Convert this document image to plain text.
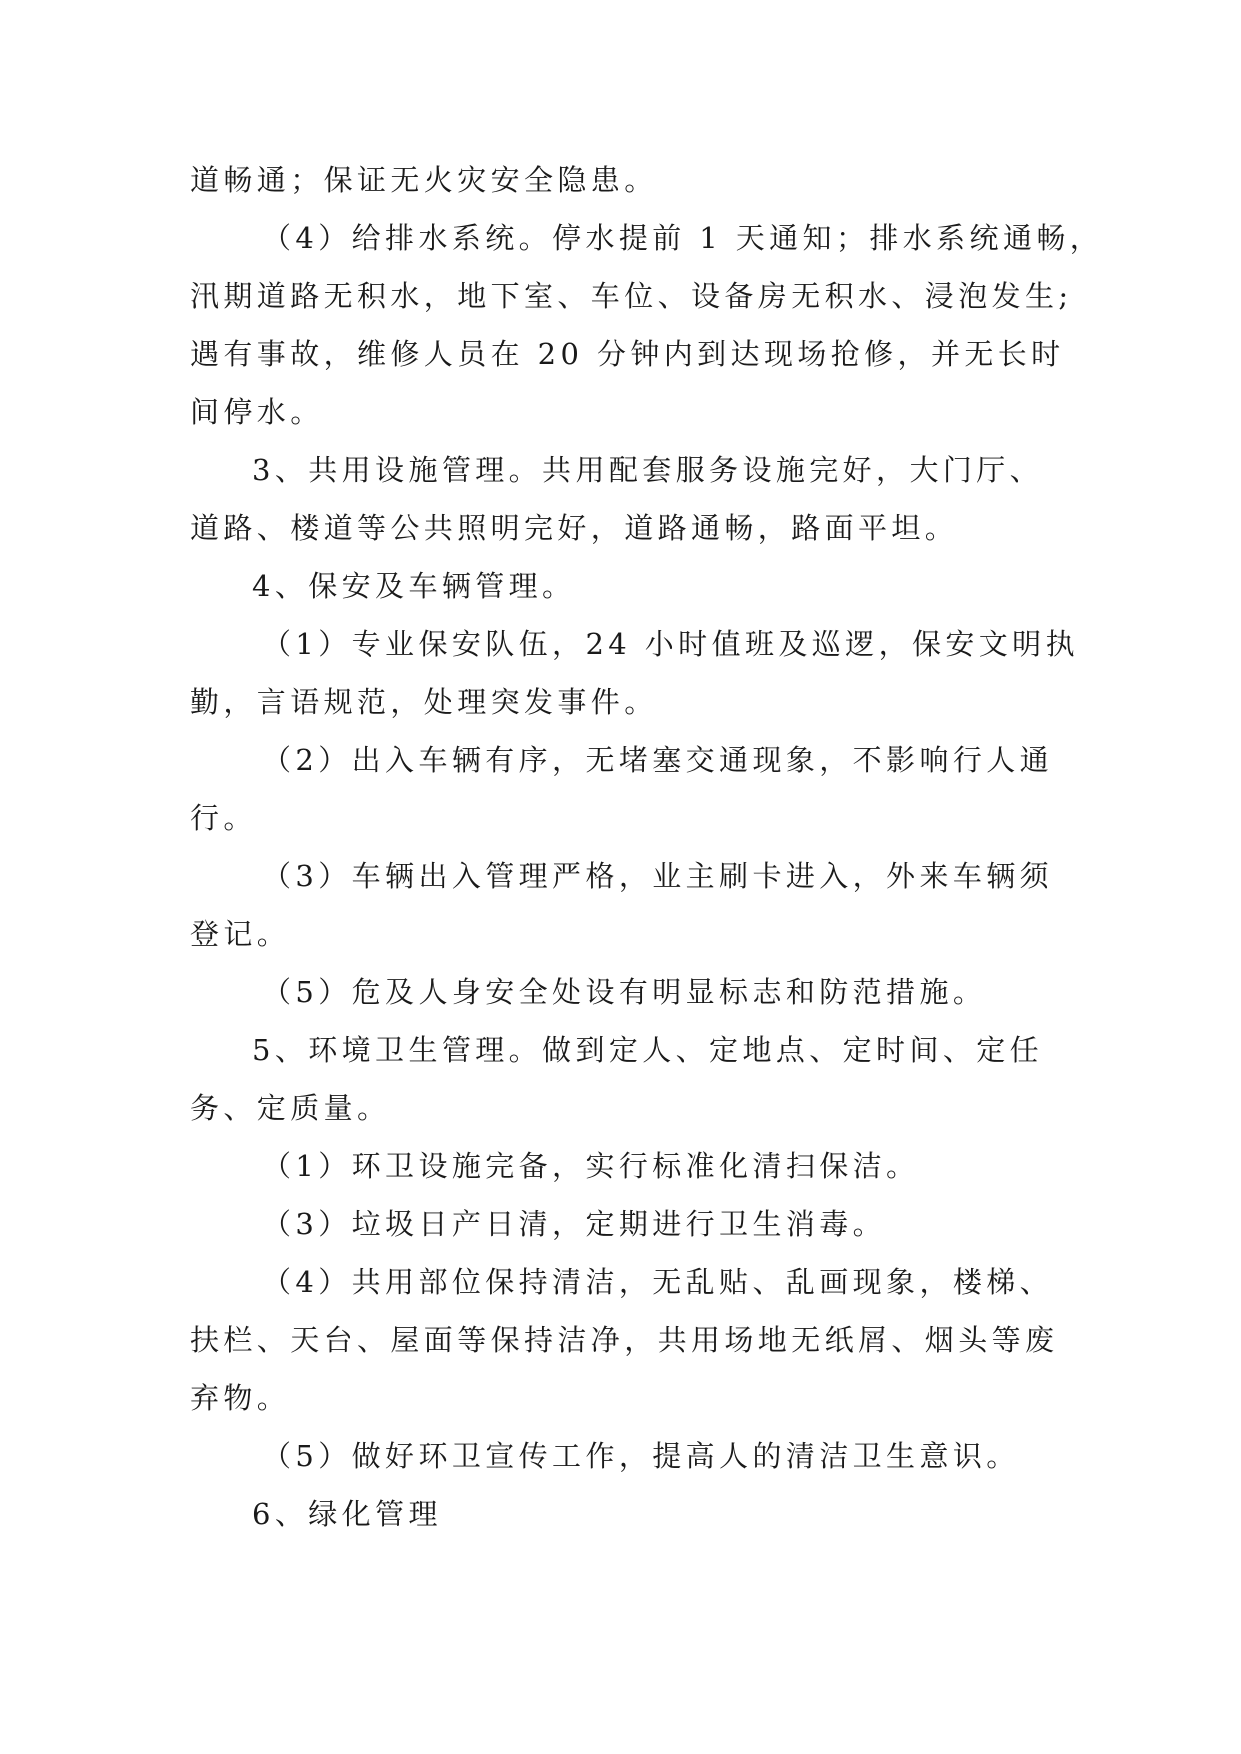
道畅通；保证无火灾安全隐患。
（4）给排水系统。停水提前 1 天通知；排水系统通畅，
汛期道路无积水，地下室、车位、设备房无积水、浸泡发生;
遇有事故，维修人员在 20 分钟内到达现场抢修，并无长时
间停水。
3、共用设施管理。共用配套服务设施完好，大门厅、
道路、楼道等公共照明完好，道路通畅，路面平坦。
4、保安及车辆管理。
（1）专业保安队伍，24 小时值班及巡逻，保安文明执
勤，言语规范，处理突发事件。
（2）出入车辆有序，无堵塞交通现象，不影响行人通
行。
（3）车辆出入管理严格，业主刷卡进入，外来车辆须
登记。
（5）危及人身安全处设有明显标志和防范措施。
5、环境卫生管理。做到定人、定地点、定时间、定任
务、定质量。
（1）环卫设施完备，实行标准化清扫保洁。
（3）垃圾日产日清，定期进行卫生消毒。
（4）共用部位保持清洁，无乱贴、乱画现象，楼梯、
扶栏、天台、屋面等保持洁净，共用场地无纸屑、烟头等废
弃物。
（5）做好环卫宣传工作，提高人的清洁卫生意识。
6、绿化管理
